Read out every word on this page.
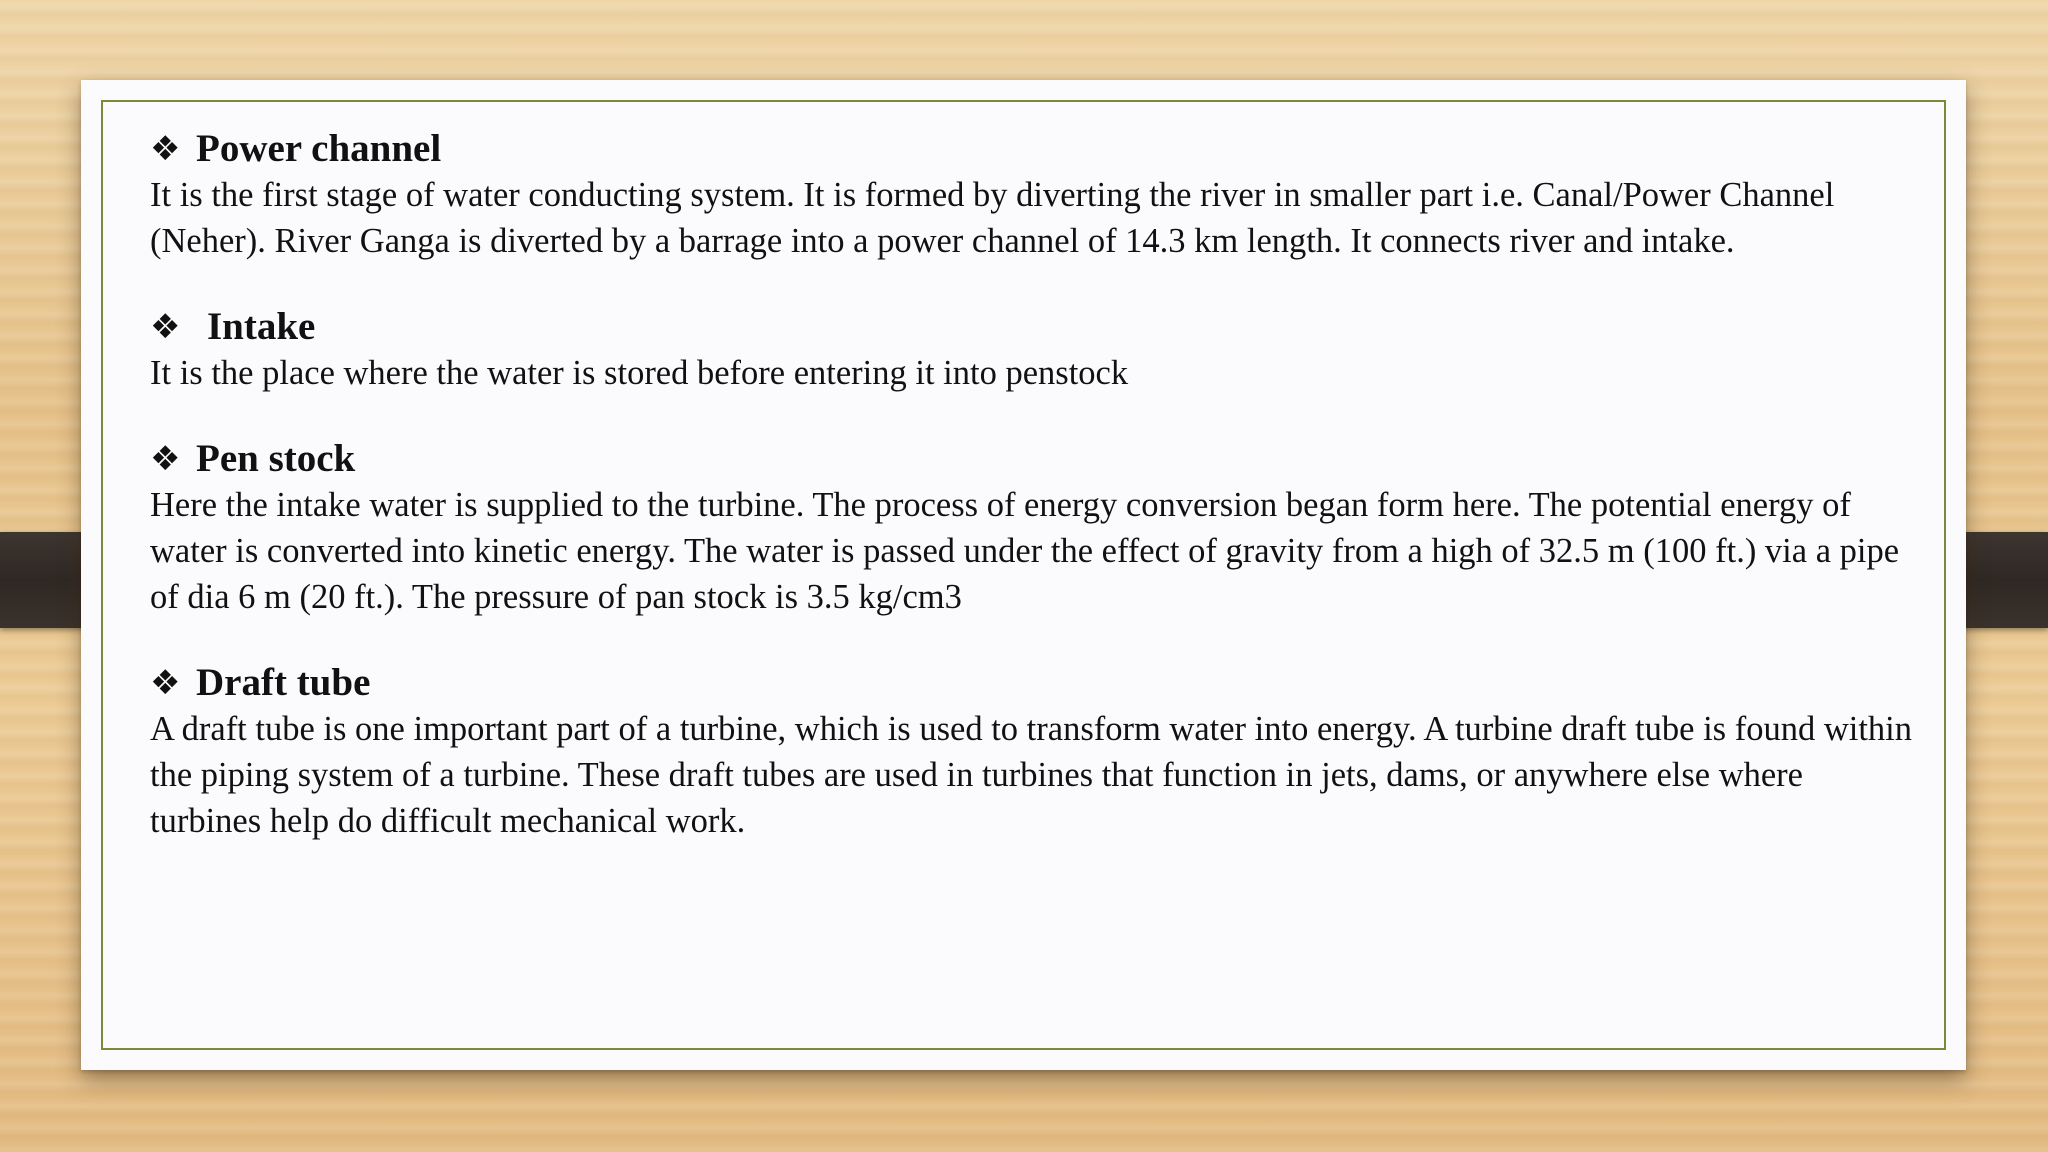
❖ Power channel

It is the first stage of water conducting system. It is formed by diverting the river in smaller part i.e. Canal/Power Channel (Neher). River Ganga is diverted by a barrage into a power channel of 14.3 km length. It connects river and intake.

❖ Intake

It is the place where the water is stored before entering it into penstock

❖ Pen stock

Here the intake water is supplied to the turbine. The process of energy conversion began form here. The potential energy of water is converted into kinetic energy. The water is passed under the effect of gravity from a high of 32.5 m (100 ft.) via a pipe of dia 6 m (20 ft.). The pressure of pan stock is 3.5 kg/cm3

❖ Draft tube

A draft tube is one important part of a turbine, which is used to transform water into energy. A turbine draft tube is found within the piping system of a turbine. These draft tubes are used in turbines that function in jets, dams, or anywhere else where turbines help do difficult mechanical work.
